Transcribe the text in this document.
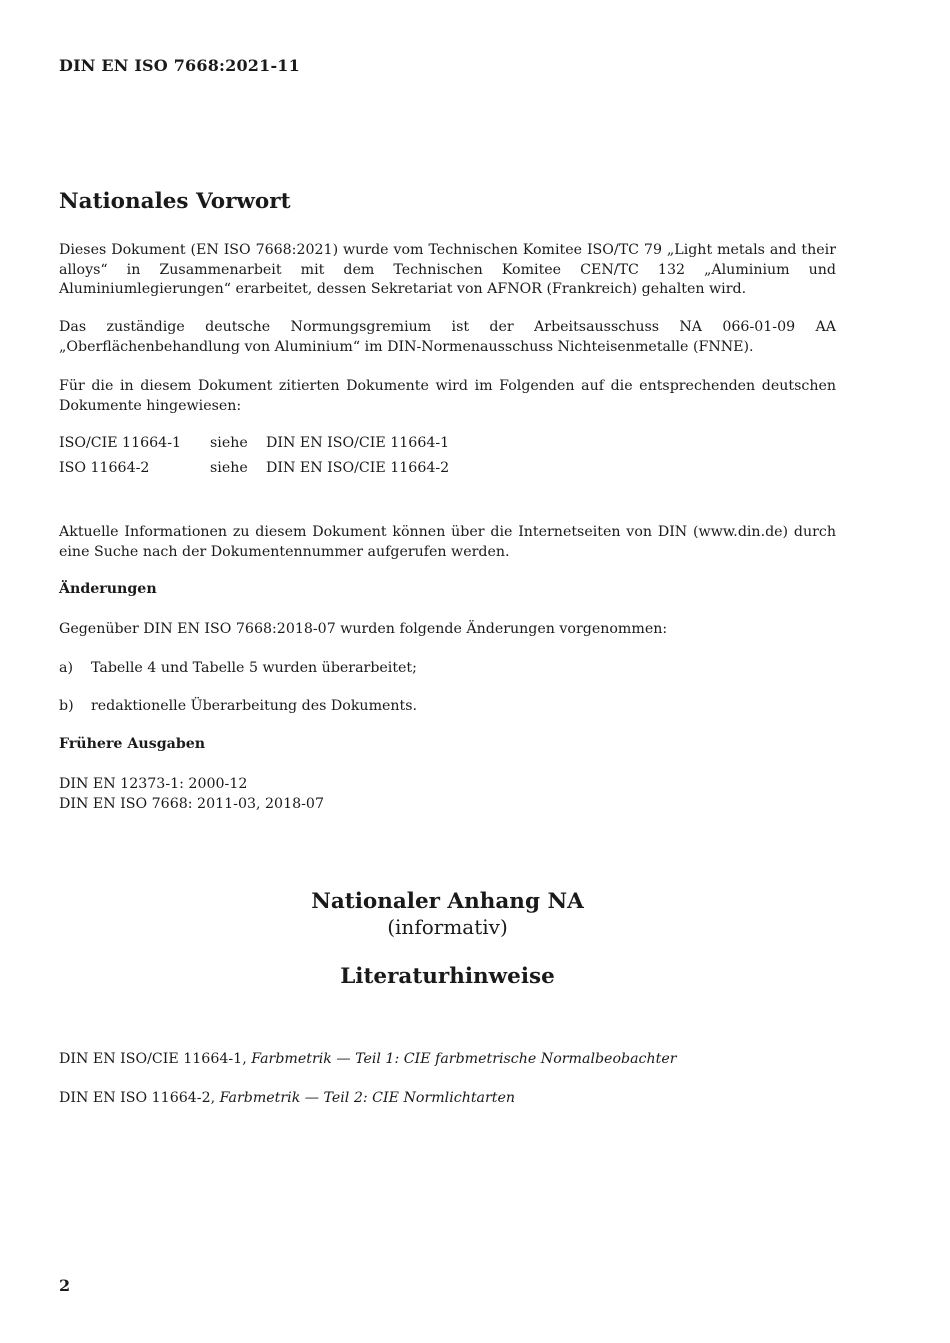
DIN EN ISO 7668:2021-11
Nationales Vorwort
Dieses Dokument (EN ISO 7668:2021) wurde vom Technischen Komitee ISO/TC 79 „Light metals and their
alloys“ in Zusammenarbeit mit dem Technischen Komitee CEN/TC 132 „Aluminium und
Aluminiumlegierungen“ erarbeitet, dessen Sekretariat von AFNOR (Frankreich) gehalten wird.
Das zuständige deutsche Normungsgremium ist der Arbeitsausschuss NA 066-01-09 AA
„Oberflächenbehandlung von Aluminium“ im DIN-Normenausschuss Nichteisenmetalle (FNNE).
Für die in diesem Dokument zitierten Dokumente wird im Folgenden auf die entsprechenden deutschen
Dokumente hingewiesen:
ISO/CIE 11664-1	siehe	DIN EN ISO/CIE 11664-1
ISO 11664-2	siehe	DIN EN ISO/CIE 11664-2
Aktuelle Informationen zu diesem Dokument können über die Internetseiten von DIN (www.din.de) durch
eine Suche nach der Dokumentennummer aufgerufen werden.
Änderungen
Gegenüber DIN EN ISO 7668:2018-07 wurden folgende Änderungen vorgenommen:
a) Tabelle 4 und Tabelle 5 wurden überarbeitet;
b) redaktionelle Überarbeitung des Dokuments.
Frühere Ausgaben
DIN EN 12373-1: 2000-12
DIN EN ISO 7668: 2011-03, 2018-07
Nationaler Anhang NA
(informativ)
Literaturhinweise
DIN EN ISO/CIE 11664-1, Farbmetrik — Teil 1: CIE farbmetrische Normalbeobachter
DIN EN ISO 11664-2, Farbmetrik — Teil 2: CIE Normlichtarten
2
